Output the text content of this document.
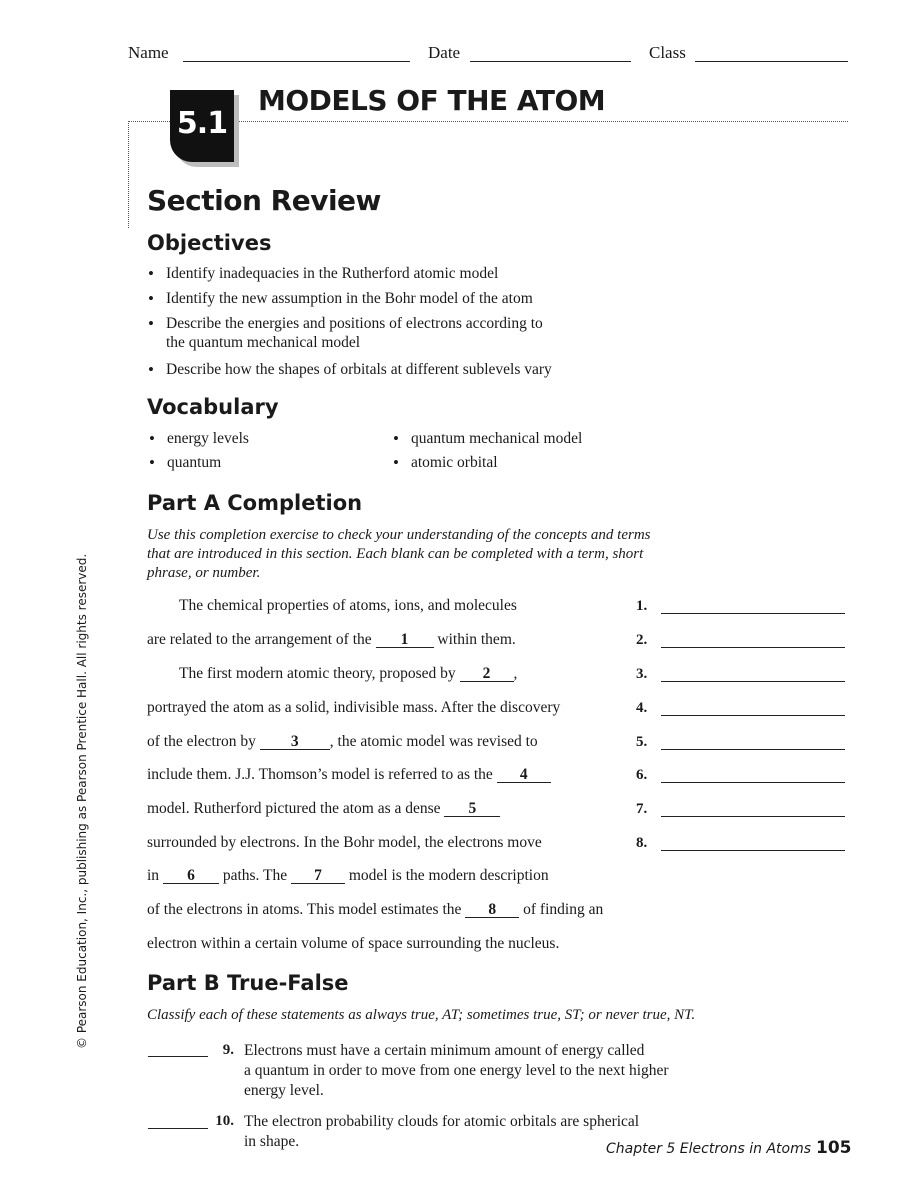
Name	Date	Class
5.1
MODELS OF THE ATOM
Section Review
Objectives
• Identify inadequacies in the Rutherford atomic model
• Identify the new assumption in the Bohr model of the atom
• Describe the energies and positions of electrons according to
the quantum mechanical model
• Describe how the shapes of orbitals at different sublevels vary
Vocabulary
• energy levels
• quantum
• quantum mechanical model
• atomic orbital
Part A Completion
Use this completion exercise to check your understanding of the concepts and terms
that are introduced in this section. Each blank can be completed with a term, short
phrase, or number.
The chemical properties of atoms, ions, and molecules
are related to the arrangement of the 1 within them.
The first modern atomic theory, proposed by 2 ,
portrayed the atom as a solid, indivisible mass. After the discovery
of the electron by 3 , the atomic model was revised to
include them. J.J. Thomson’s model is referred to as the 4
model. Rutherford pictured the atom as a dense 5
surrounded by electrons. In the Bohr model, the electrons move
in 6 paths. The 7 model is the modern description
of the electrons in atoms. This model estimates the 8 of finding an
electron within a certain volume of space surrounding the nucleus.
1.
2.
3.
4.
5.
6.
7.
8.
Part B True-False
Classify each of these statements as always true, AT; sometimes true, ST; or never true, NT.
9. Electrons must have a certain minimum amount of energy called
a quantum in order to move from one energy level to the next higher
energy level.
10. The electron probability clouds for atomic orbitals are spherical
in shape.
© Pearson Education, Inc., publishing as Pearson Prentice Hall. All rights reserved.
Chapter 5 Electrons in Atoms 105
